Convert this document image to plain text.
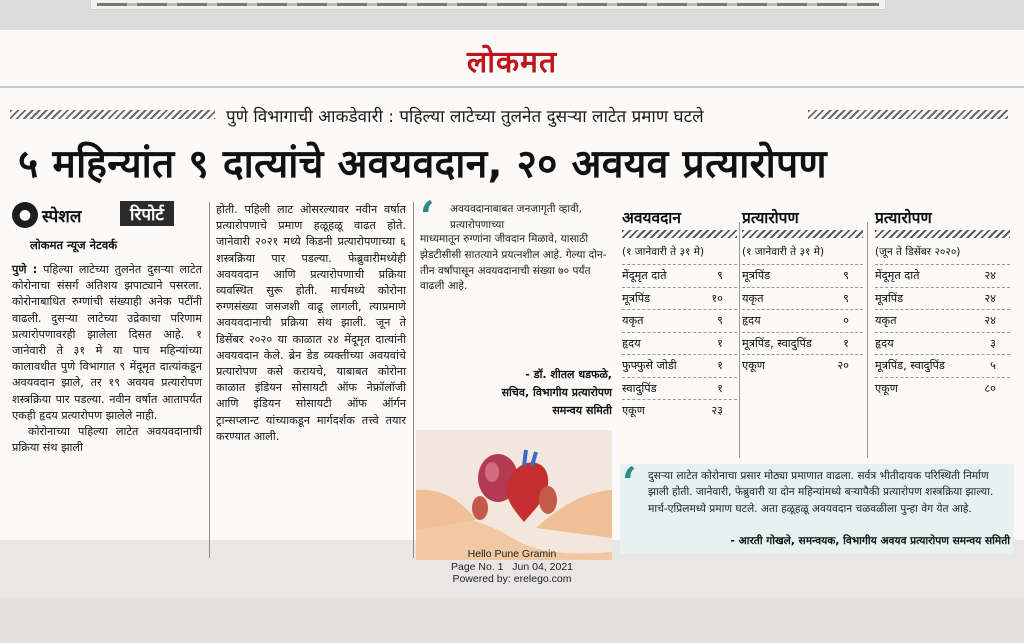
लोकमत
पुणे विभागाची आकडेवारी : पहिल्या लाटेच्या तुलनेत दुसऱ्या लाटेत प्रमाण घटले
५ महिन्यांत ९ दात्यांचे अवयवदान, २० अवयव प्रत्यारोपण
● स्पेशल	रिपोर्ट
लोकमत न्यूज नेटवर्क
पुणे : पहिल्या लाटेच्या तुलनेत दुसऱ्या लाटेत कोरोनाचा संसर्ग अतिशय झपाट्याने पसरला. कोरोनाबाधित रुग्णांची संख्याही अनेक पटींनी वाढली. दुसऱ्या लाटेच्या उद्रेकाचा परिणाम प्रत्यारोपणावरही झालेला दिसत आहे. १ जानेवारी ते ३१ मे या पाच महिन्यांच्या कालावधीत पुणे विभागात ९ मेंदूमृत दात्यांकडून अवयवदान झाले, तर १९ अवयव प्रत्यारोपण शस्त्रक्रिया पार पडल्या. नवीन वर्षात आतापर्यंत एकही हृदय प्रत्यारोपण झालेले नाही.

कोरोनाच्या पहिल्या लाटेत अवयवदानाची प्रक्रिया संथ झाली

होती. पहिली लाट ओसरल्यावर नवीन वर्षात प्रत्यारोपणाचे प्रमाण हळूहळू वाढत होते. जानेवारी २०२१ मध्ये किडनी प्रत्यारोपणाच्या ६ शस्त्रक्रिया पार पडल्या. फेब्रुवारीमध्येही अवयवदान आणि प्रत्यारोपणाची प्रक्रिया व्यवस्थित सुरू होती. मार्चमध्ये कोरोना रुग्णसंख्या जसजशी वाढू लागली, त्याप्रमाणे अवयवदानाची प्रक्रिया संथ झाली. जून ते डिसेंबर २०२० या काळात २४ मेंदूमृत दात्यांनी अवयवदान केले. ब्रेन डेड व्यक्तीच्या अवयवांचे प्रत्यारोपण कसे करायचे, याबाबत कोरोना काळात इंडियन सोसायटी ऑफ नेफ्रॉलॉजी आणि इंडियन सोसायटी ऑफ ऑर्गन ट्रान्सप्लान्ट यांच्याकडून मार्गदर्शक तत्त्वे तयार करण्यात आली.
‘ अवयवदानाबाबत जनजागृती व्हावी, प्रत्यारोपणाच्या
माध्यमातून रुग्णांना जीवदान मिळावे, यासाठी झेडटीसीसी सातत्याने प्रयत्नशील आहे. गेल्या दोन-तीन वर्षांपासून अवयवदानाची संख्या ७० पर्यंत वाढली आहे.
- डॉ. शीतल धडफळे,
सचिव, विभागीय प्रत्यारोपण
समन्वय समिती
अवयवदान
(१ जानेवारी ते ३१ मे)
मेंदूमृत दाते	९
मूत्रपिंड	१०
यकृत	९
हृदय	१
फुफ्फुसे जोडी	१
स्वादुपिंड	१
एकूण	२३
प्रत्यारोपण
(१ जानेवारी ते ३१ मे)
मूत्रपिंड	९
यकृत	९
हृदय	०
मूत्रपिंड, स्वादुपिंड	१
एकूण	२०
प्रत्यारोपण
(जून ते डिसेंबर २०२०)
मेंदूमृत दाते	२४
मूत्रपिंड	२४
यकृत	२४
हृदय	३
मूत्रपिंड, स्वादुपिंड	५
एकूण	८०
‘ दुसऱ्या लाटेत कोरोनाचा प्रसार मोठ्या प्रमाणात वाढला. सर्वत्र भीतीदायक परिस्थिती निर्माण झाली होती. जानेवारी, फेब्रुवारी या दोन महिन्यांमध्ये बऱ्यापैकी प्रत्यारोपण शस्त्रक्रिया झाल्या. मार्च-एप्रिलमध्ये प्रमाण घटले. अता हळूहळू अवयवदान चळवळीला पुन्हा वेग येत आहे.
- आरती गोखले, समन्वयक, विभागीय अवयव प्रत्यारोपण समन्वय समिती
Hello Pune Gramin
Page No. 1 Jun 04, 2021
Powered by: erelego.com
